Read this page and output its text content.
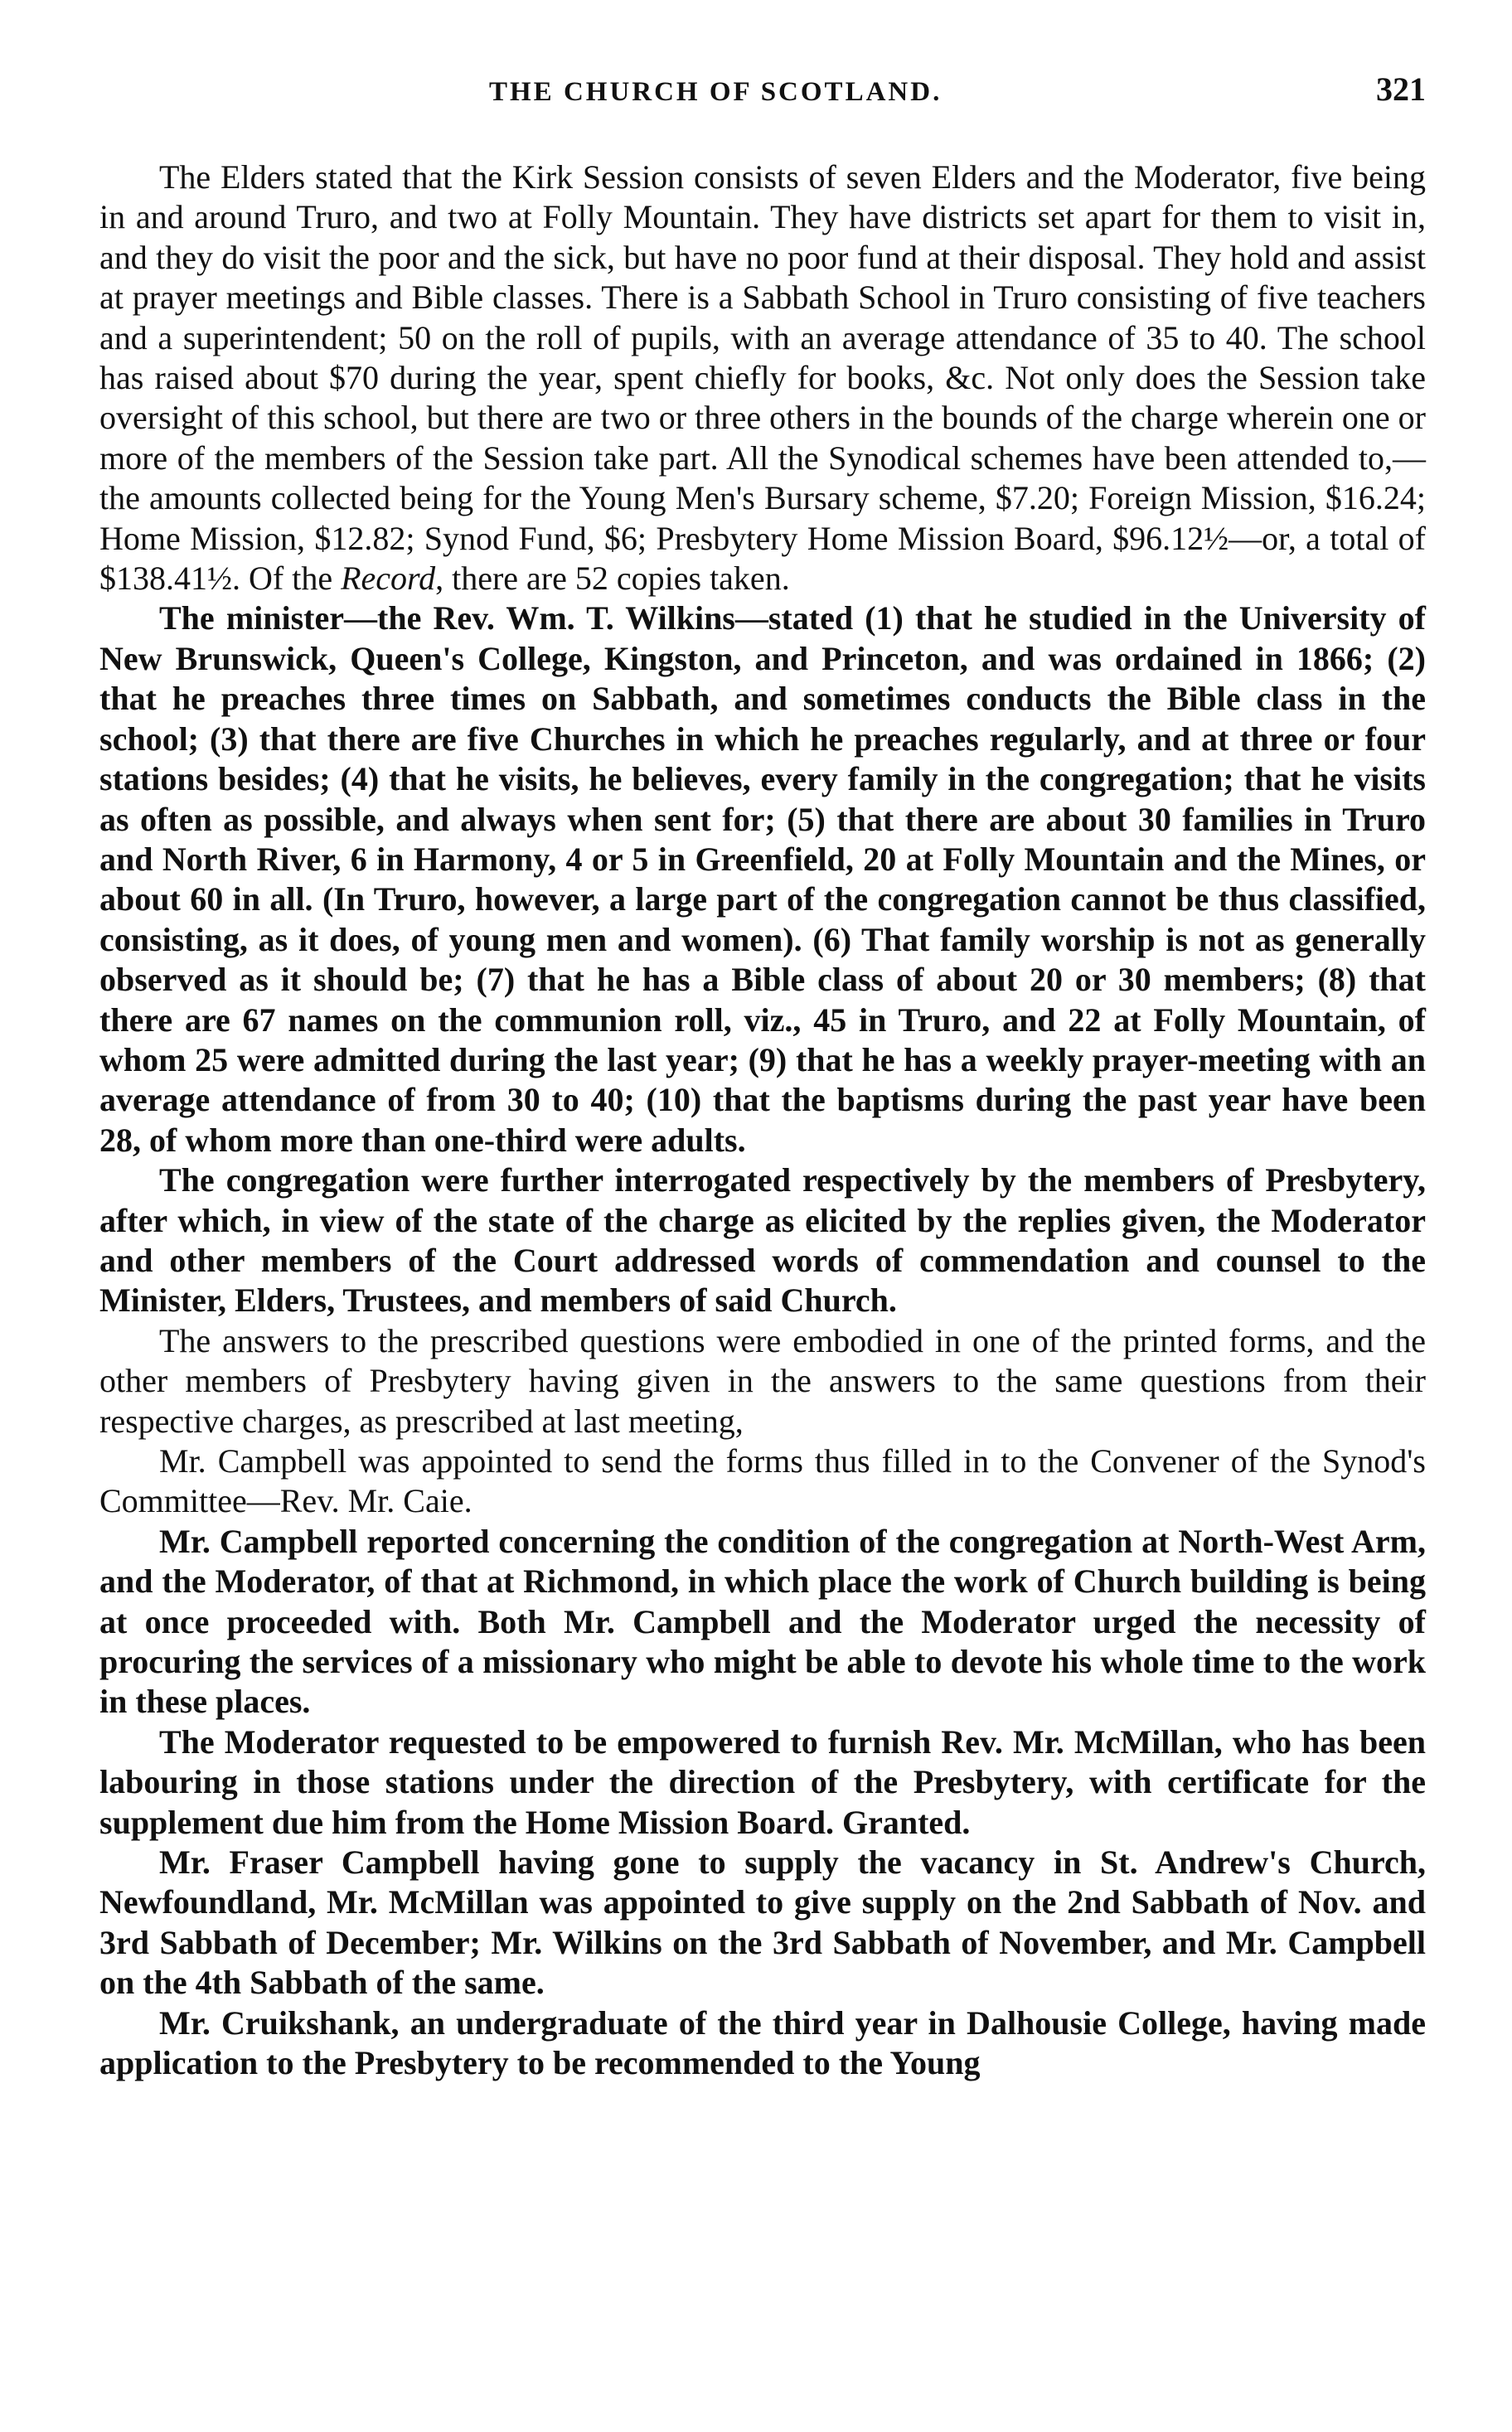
THE CHURCH OF SCOTLAND.	321

The Elders stated that the Kirk Session consists of seven Elders and the Moderator, five being in and around Truro, and two at Folly Mountain. They have districts set apart for them to visit in, and they do visit the poor and the sick, but have no poor fund at their disposal. They hold and assist at prayer meetings and Bible classes. There is a Sabbath School in Truro consisting of five teachers and a superintendent; 50 on the roll of pupils, with an average attendance of 35 to 40. The school has raised about $70 during the year, spent chiefly for books, &c. Not only does the Session take oversight of this school, but there are two or three others in the bounds of the charge wherein one or more of the members of the Session take part. All the Synodical schemes have been attended to,—the amounts collected being for the Young Men's Bursary scheme, $7.20; Foreign Mission, $16.24; Home Mission, $12.82; Synod Fund, $6; Presbytery Home Mission Board, $96.12½—or, a total of $138.41½. Of the Record, there are 52 copies taken.

The minister—the Rev. Wm. T. Wilkins—stated (1) that he studied in the University of New Brunswick, Queen's College, Kingston, and Princeton, and was ordained in 1866; (2) that he preaches three times on Sabbath, and sometimes conducts the Bible class in the school; (3) that there are five Churches in which he preaches regularly, and at three or four stations besides; (4) that he visits, he believes, every family in the congregation; that he visits as often as possible, and always when sent for; (5) that there are about 30 families in Truro and North River, 6 in Harmony, 4 or 5 in Greenfield, 20 at Folly Mountain and the Mines, or about 60 in all. (In Truro, however, a large part of the congregation cannot be thus classified, consisting, as it does, of young men and women). (6) That family worship is not as generally observed as it should be; (7) that he has a Bible class of about 20 or 30 members; (8) that there are 67 names on the communion roll, viz., 45 in Truro, and 22 at Folly Mountain, of whom 25 were admitted during the last year; (9) that he has a weekly prayer-meeting with an average attendance of from 30 to 40; (10) that the baptisms during the past year have been 28, of whom more than one-third were adults.

The congregation were further interrogated respectively by the members of Presbytery, after which, in view of the state of the charge as elicited by the replies given, the Moderator and other members of the Court addressed words of commendation and counsel to the Minister, Elders, Trustees, and members of said Church.

The answers to the prescribed questions were embodied in one of the printed forms, and the other members of Presbytery having given in the answers to the same questions from their respective charges, as prescribed at last meeting,

Mr. Campbell was appointed to send the forms thus filled in to the Convener of the Synod's Committee—Rev. Mr. Caie.

Mr. Campbell reported concerning the condition of the congregation at North-West Arm, and the Moderator, of that at Richmond, in which place the work of Church building is being at once proceeded with. Both Mr. Campbell and the Moderator urged the necessity of procuring the services of a missionary who might be able to devote his whole time to the work in these places.

The Moderator requested to be empowered to furnish Rev. Mr. McMillan, who has been labouring in those stations under the direction of the Presbytery, with certificate for the supplement due him from the Home Mission Board. Granted.

Mr. Fraser Campbell having gone to supply the vacancy in St. Andrew's Church, Newfoundland, Mr. McMillan was appointed to give supply on the 2nd Sabbath of Nov. and 3rd Sabbath of December; Mr. Wilkins on the 3rd Sabbath of November, and Mr. Campbell on the 4th Sabbath of the same.

Mr. Cruikshank, an undergraduate of the third year in Dalhousie College, having made application to the Presbytery to be recommended to the Young
